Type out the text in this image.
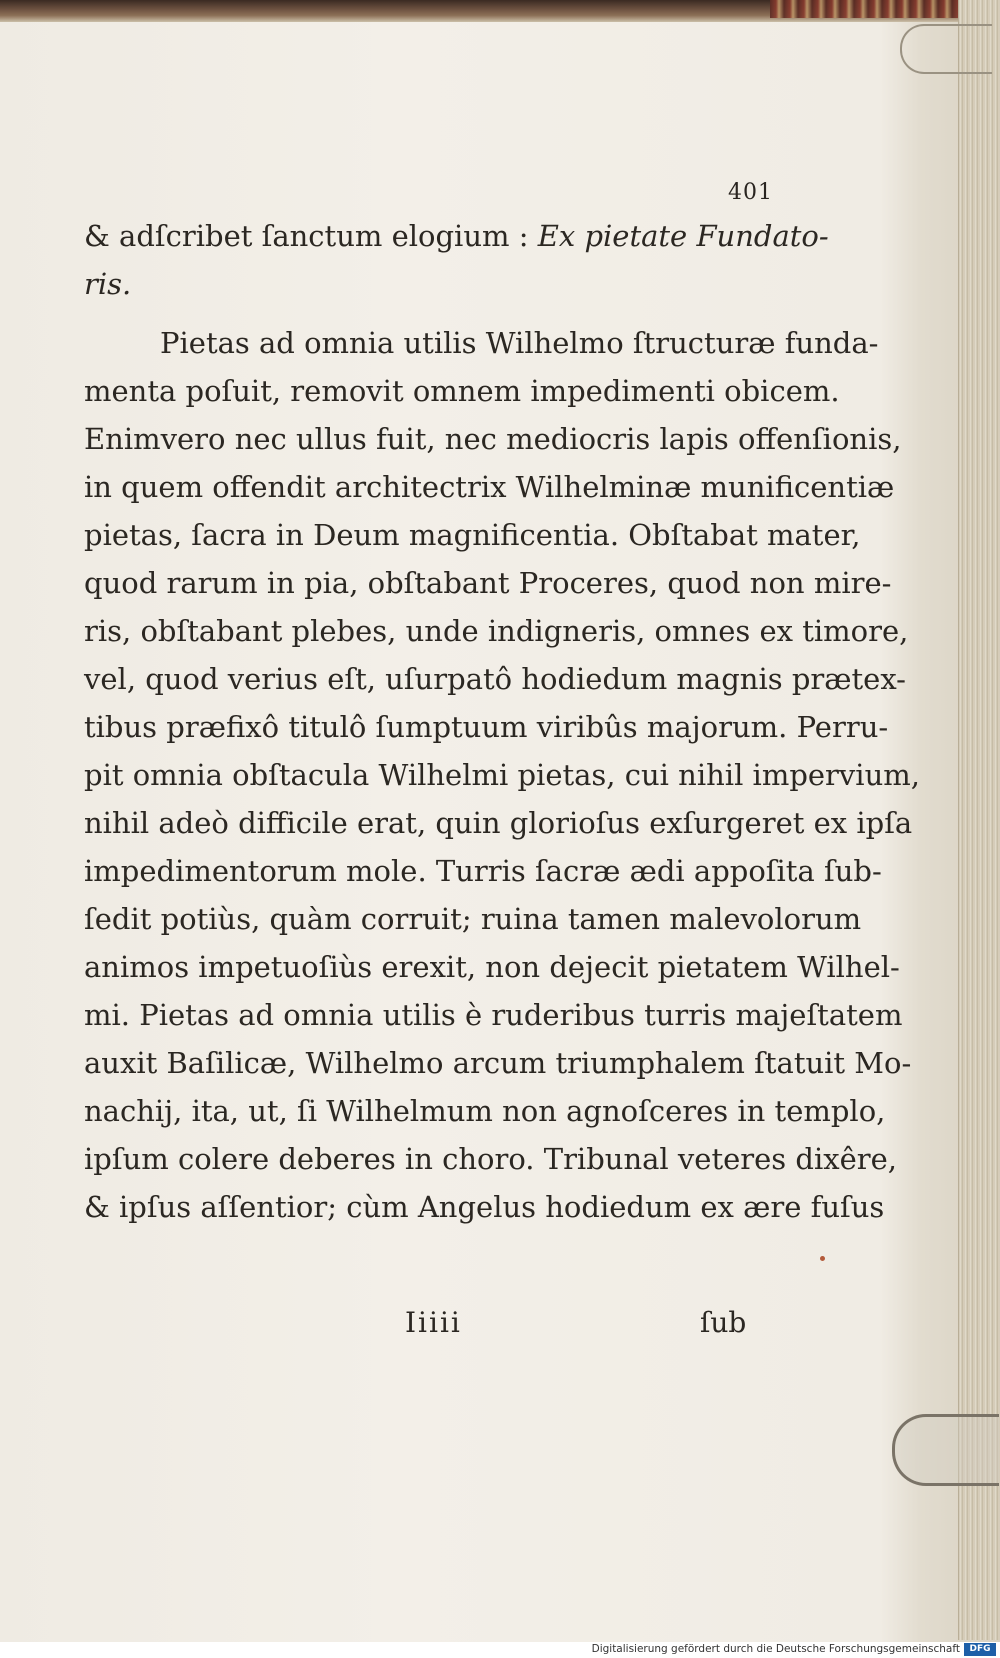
401
& adſcribet ſanctum elogium : Ex pietate Fundato-
ris.
Pietas ad omnia utilis Wilhelmo ſtructuræ funda-
menta poſuit, removit omnem impedimenti obicem.
Enimvero nec ullus fuit, nec mediocris lapis offenſionis,
in quem offendit architectrix Wilhelminæ munificentiæ
pietas, ſacra in Deum magnificentia. Obſtabat mater,
quod rarum in pia, obſtabant Proceres, quod non mire-
ris, obſtabant plebes, unde indigneris, omnes ex timore,
vel, quod verius eſt, uſurpatô hodiedum magnis prætex-
tibus præfixô titulô ſumptuum viribûs majorum. Perru-
pit omnia obſtacula Wilhelmi pietas, cui nihil impervium,
nihil adeò difficile erat, quin glorioſus exſurgeret ex ipſa
impedimentorum mole. Turris ſacræ ædi appoſita ſub-
ſedit potiùs, quàm corruit; ruina tamen malevolorum
animos impetuoſiùs erexit, non dejecit pietatem Wilhel-
mi. Pietas ad omnia utilis è ruderibus turris majeſtatem
auxit Baſilicæ, Wilhelmo arcum triumphalem ſtatuit Mo-
nachij, ita, ut, ſi Wilhelmum non agnoſceres in templo,
ipſum colere deberes in choro. Tribunal veteres dixêre,
& ipſus aſſentior; cùm Angelus hodiedum ex ære fuſus
Iiiii	ſub
Digitalisierung gefördert durch die Deutsche Forschungsgemeinschaft	DFG
